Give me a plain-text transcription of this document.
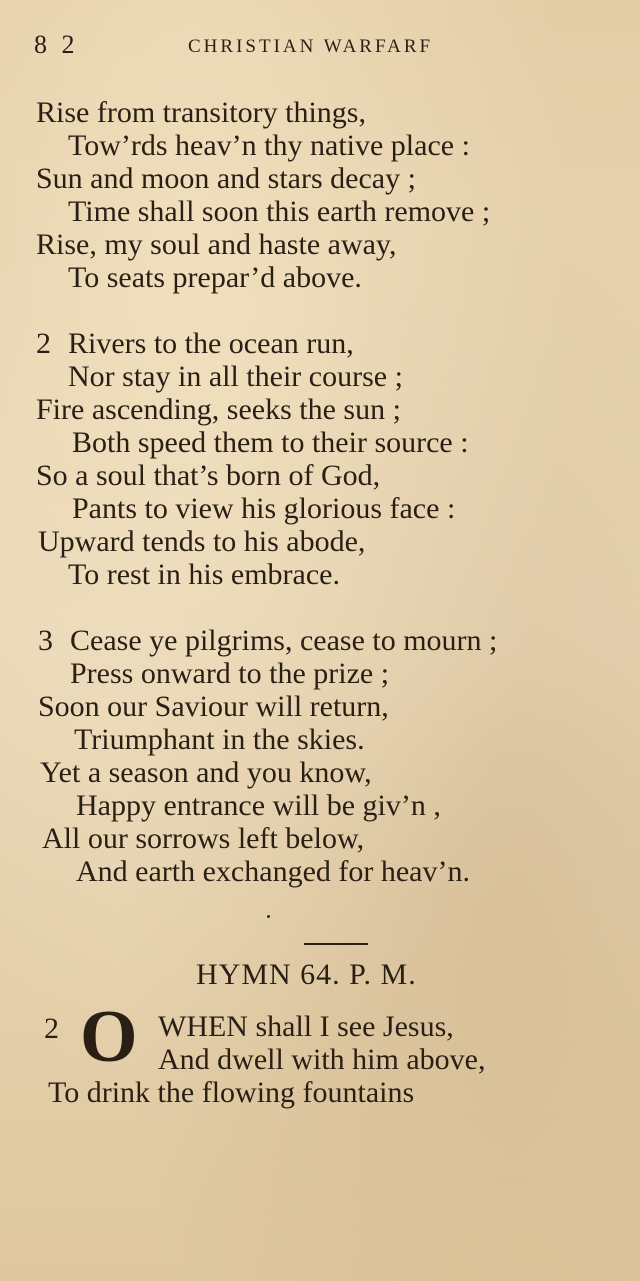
8 2	CHRISTIAN WARFARF
Rise from transitory things,
Tow’rds heav’n thy native place :
Sun and moon and stars decay ;
Time shall soon this earth remove ;
Rise, my soul and haste away,
To seats prepar’d above.
2 Rivers to the ocean run,
Nor stay in all their course ;
Fire ascending, seeks the sun ;
Both speed them to their source :
So a soul that’s born of God,
Pants to view his glorious face :
Upward tends to his abode,
To rest in his embrace.
3 Cease ye pilgrims, cease to mourn ;
Press onward to the prize ;
Soon our Saviour will return,
Triumphant in the skies.
Yet a season and you know,
Happy entrance will be giv’n ,
All our sorrows left below,
And earth exchanged for heav’n.
HYMN 64. P. M.
2 O WHEN shall I see Jesus,
And dwell with him above,
To drink the flowing fountains
